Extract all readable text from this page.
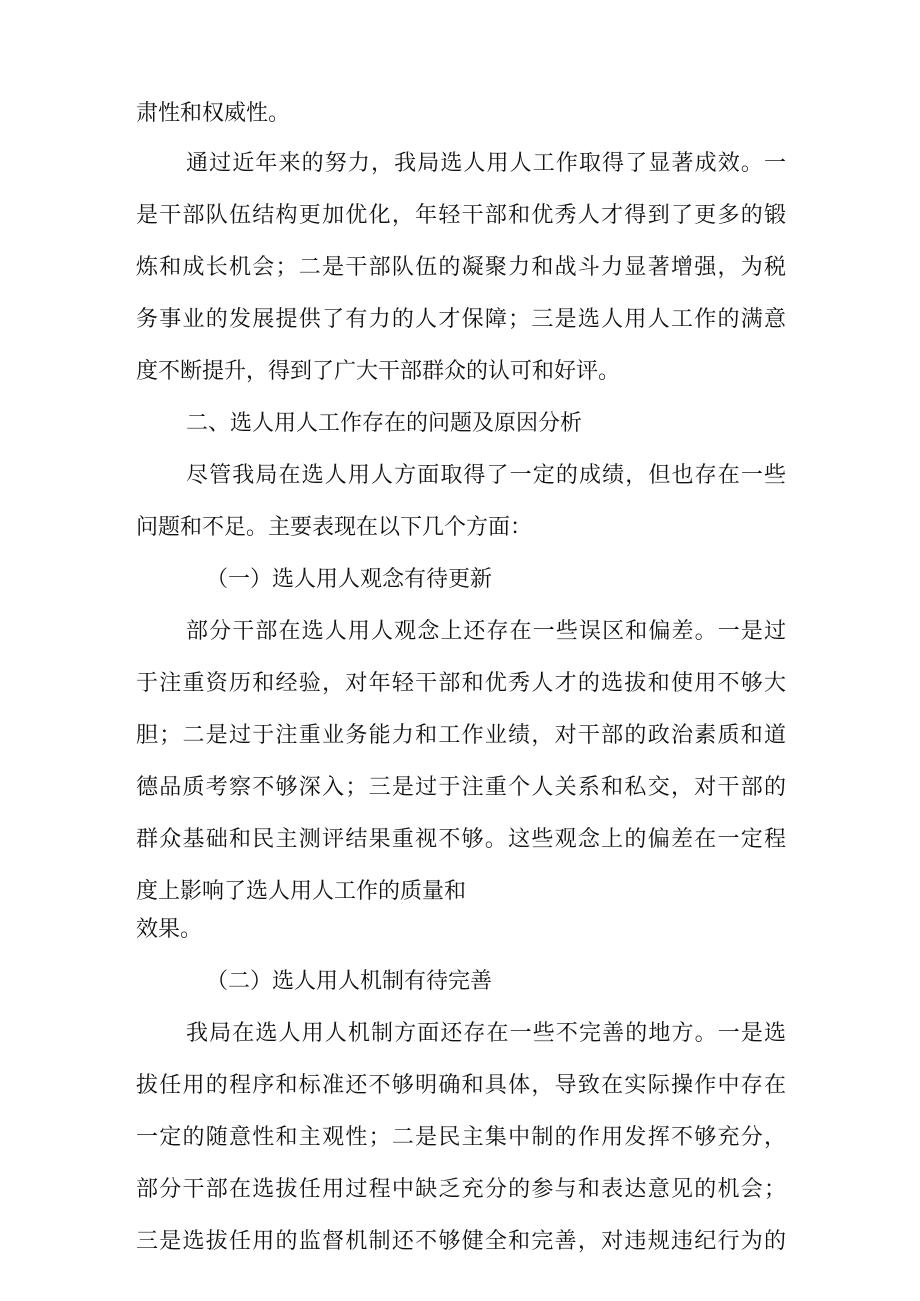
肃性和权威性。

通过近年来的努力，我局选人用人工作取得了显著成效。一

是干部队伍结构更加优化，年轻干部和优秀人才得到了更多的锻

炼和成长机会；二是干部队伍的凝聚力和战斗力显著增强，为税

务事业的发展提供了有力的人才保障；三是选人用人工作的满意

度不断提升，得到了广大干部群众的认可和好评。

二、选人用人工作存在的问题及原因分析

尽管我局在选人用人方面取得了一定的成绩，但也存在一些

问题和不足。主要表现在以下几个方面：

（一）选人用人观念有待更新

部分干部在选人用人观念上还存在一些误区和偏差。一是过

于注重资历和经验，对年轻干部和优秀人才的选拔和使用不够大

胆；二是过于注重业务能力和工作业绩，对干部的政治素质和道

德品质考察不够深入；三是过于注重个人关系和私交，对干部的

群众基础和民主测评结果重视不够。这些观念上的偏差在一定程

度上影响了选人用人工作的质量和

效果。

（二）选人用人机制有待完善

我局在选人用人机制方面还存在一些不完善的地方。一是选

拔任用的程序和标准还不够明确和具体，导致在实际操作中存在

一定的随意性和主观性；二是民主集中制的作用发挥不够充分，

部分干部在选拔任用过程中缺乏充分的参与和表达意见的机会；

三是选拔任用的监督机制还不够健全和完善，对违规违纪行为的
